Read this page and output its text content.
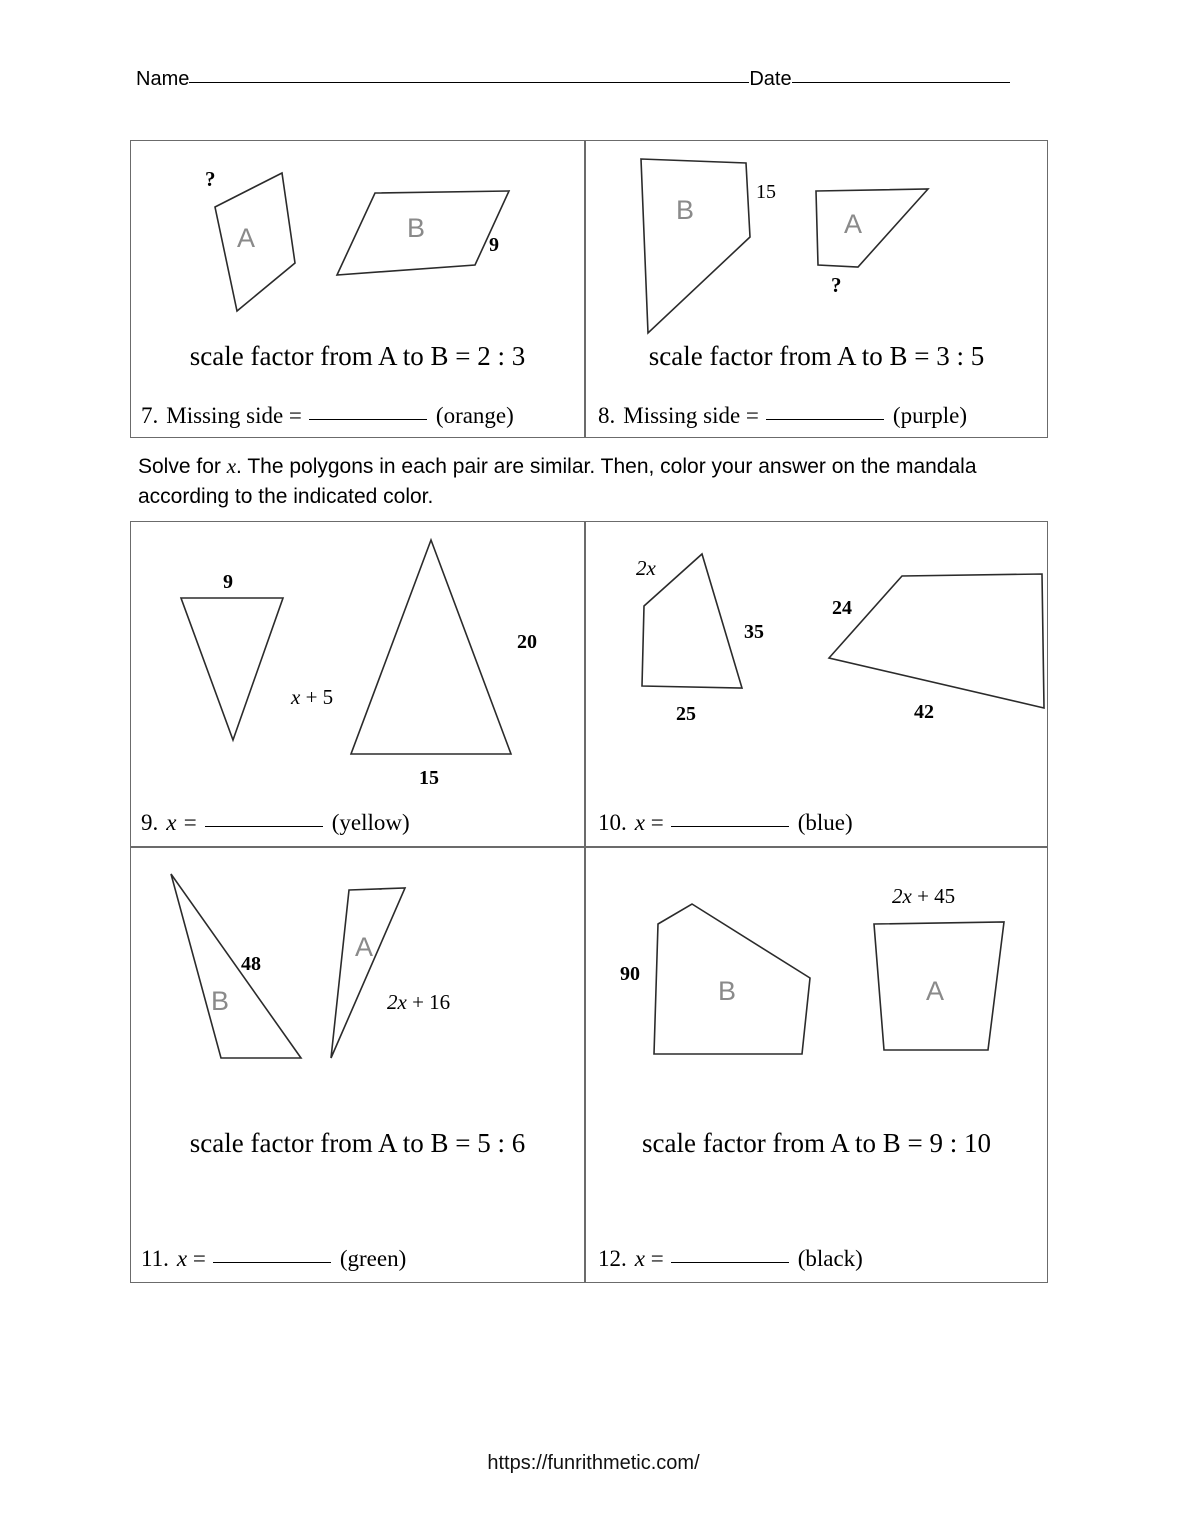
Name	Date
A	B
?
9
scale factor from A to B = 2 : 3
7. Missing side =	(orange)
B	A
15
?
scale factor from A to B = 3 : 5
8. Missing side =	(purple)

Solve for x. The polygons in each pair are similar. Then, color your answer on the mandala according to the indicated color.

9
x + 5
20
15
9. x =	(yellow)
2x
35
25
24
42
10. x =	(blue)
48
B
A
2x + 16
scale factor from A to B = 5 : 6
11. x =	(green)
90
B	A
2x + 45
scale factor from A to B = 9 : 10
12. x =	(black)
https://funrithmetic.com/
